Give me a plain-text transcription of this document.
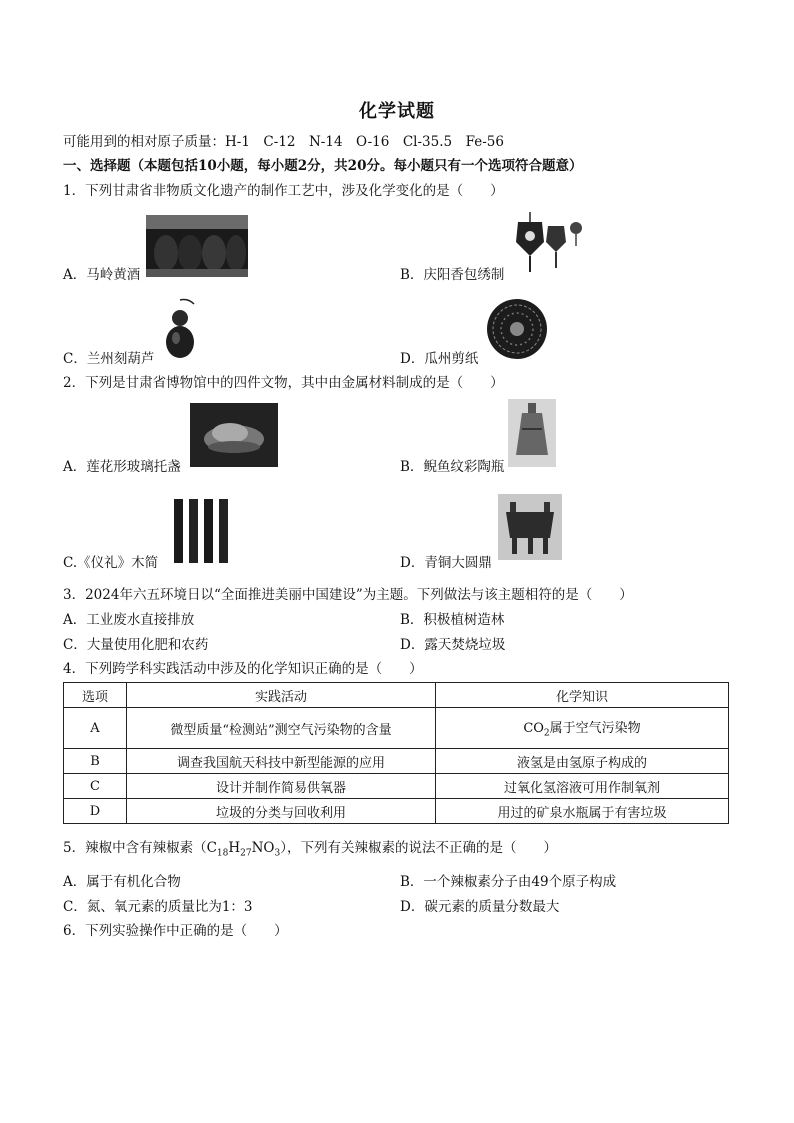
化学试题
可能用到的相对原子质量：H-1　C-12　N-14　O-16　Cl-35.5　Fe-56
一、选择题（本题包括10小题，每小题2分，共20分。每小题只有一个选项符合题意）
1．下列甘肃省非物质文化遗产的制作工艺中，涉及化学变化的是（　　）
A．马岭黄酒	B．庆阳香包绣制
C．兰州刻葫芦	D．瓜州剪纸
2．下列是甘肃省博物馆中的四件文物，其中由金属材料制成的是（　　）
A．莲花形玻璃托盏	B．鲵鱼纹彩陶瓶
C.《仪礼》木简	D．青铜大圆鼎
3．2024年六五环境日以“全面推进美丽中国建设”为主题。下列做法与该主题相符的是（　　）
A．工业废水直接排放	B．积极植树造林
C．大量使用化肥和农药	D．露天焚烧垃圾
4．下列跨学科实践活动中涉及的化学知识正确的是（　　）
选项	实践活动	化学知识
A	微型质量“检测站”测空气污染物的含量	$CO_2$属于空气污染物
B	调查我国航天科技中新型能源的应用	液氢是由氢原子构成的
C	设计并制作简易供氧器	过氧化氢溶液可用作制氧剂
D	垃圾的分类与回收利用	用过的矿泉水瓶属于有害垃圾
5．辣椒中含有辣椒素$(C_{18}H_{27}NO_3)$，下列有关辣椒素的说法不正确的是（　　）
A．属于有机化合物	B．一个辣椒素分子由49个原子构成
C．氮、氧元素的质量比为1：3	D．碳元素的质量分数最大
6．下列实验操作中正确的是（　　）
